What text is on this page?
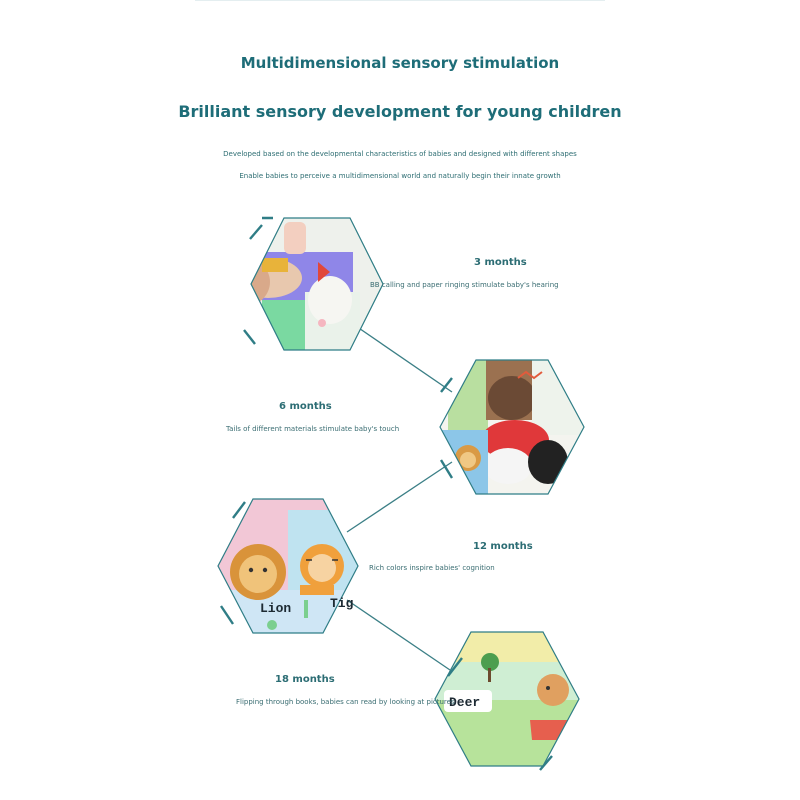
Multidimensional sensory stimulation
Brilliant sensory development for young children
Developed based on the developmental characteristics of babies and designed with different shapes
Enable babies to perceive a multidimensional world and naturally begin their innate growth
Lion	Tig
Deer
3 months
BB calling and paper ringing stimulate baby's hearing
6 months
Tails of different materials stimulate baby's touch
12 months
Rich colors inspire babies' cognition
18 months
Flipping through books, babies can read by looking at pictures
